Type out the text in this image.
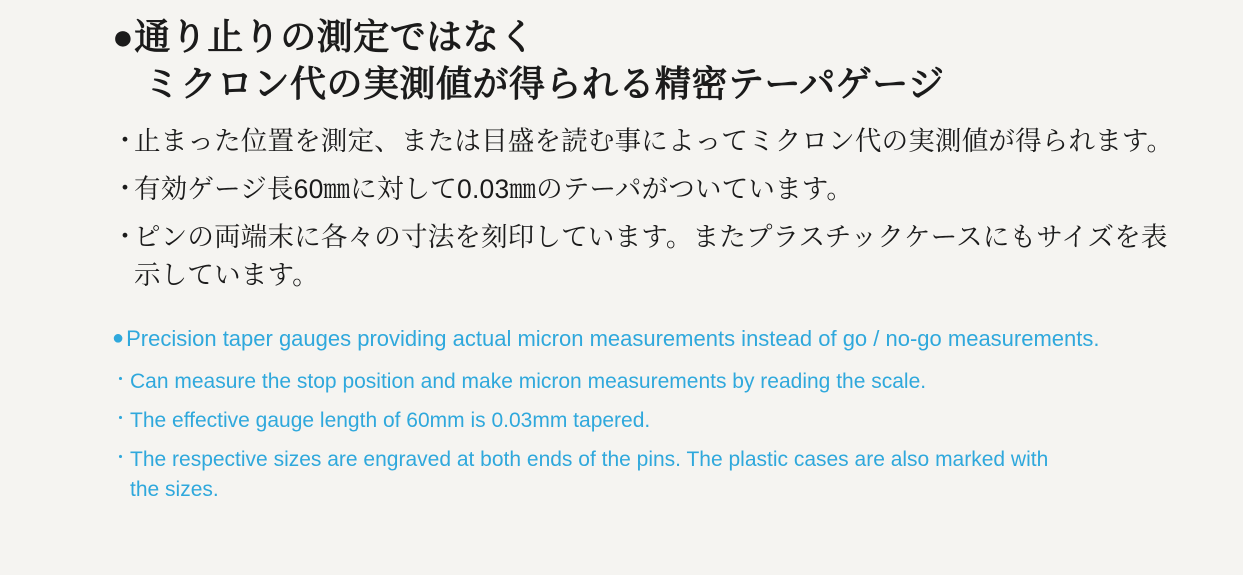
●通り止りの測定ではなく
ミクロン代の実測値が得られる精密テーパゲージ
・
止まった位置を測定、または目盛を読む事によってミクロン代の実測値が得られます。
・
有効ゲージ長60㎜に対して0.03㎜のテーパがついています。
・
ピンの両端末に各々の寸法を刻印しています。またプラスチックケースにもサイズを表示しています。
● Precision taper gauges providing actual micron measurements instead of go / no-go measurements.
・ Can measure the stop position and make micron measurements by reading the scale.
・ The effective gauge length of 60mm is 0.03mm tapered.
・ The respective sizes are engraved at both ends of the pins. The plastic cases are also marked with the sizes.
